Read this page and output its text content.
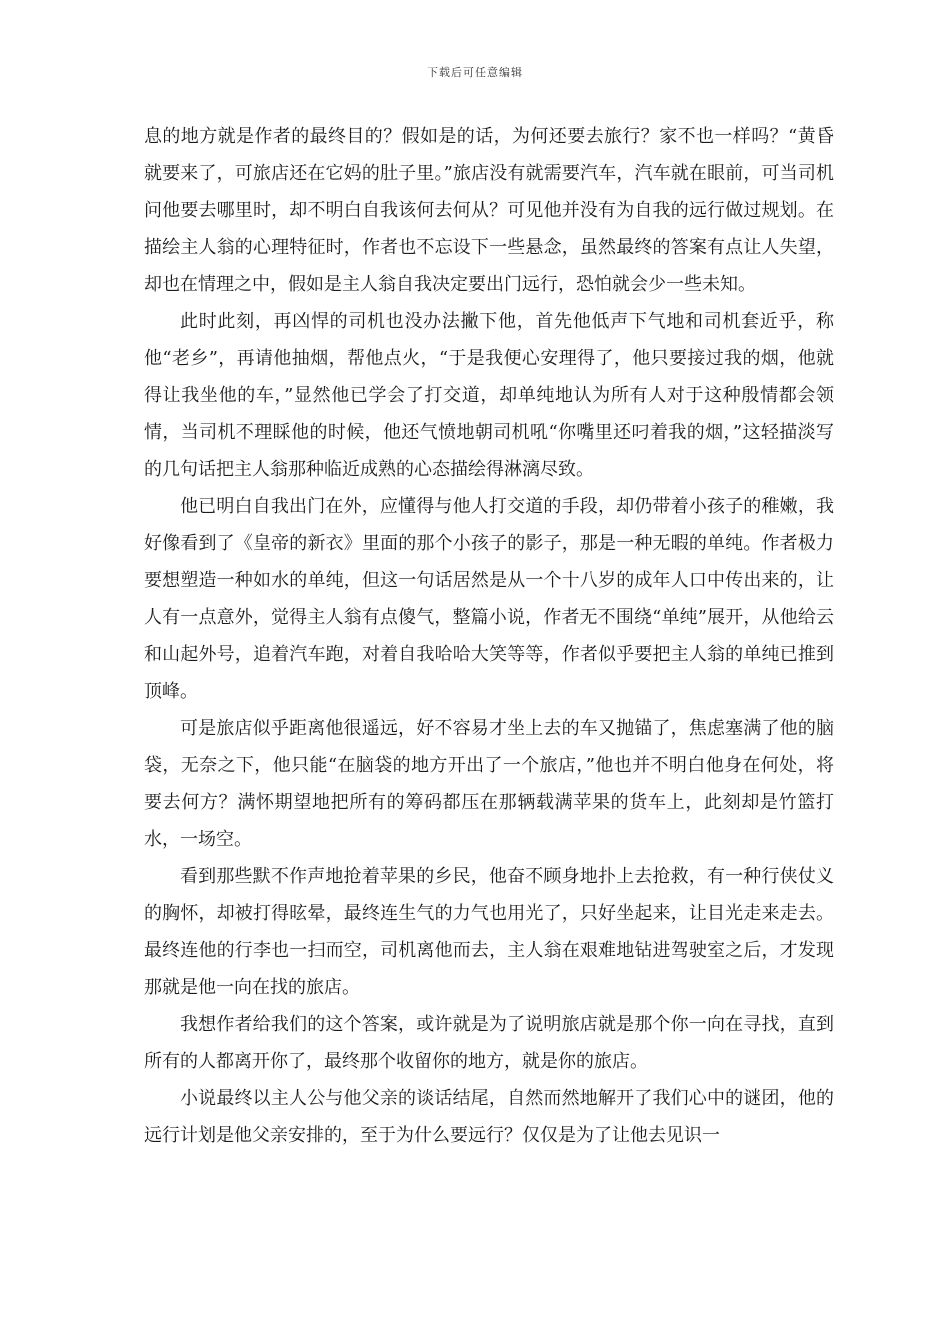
下载后可任意编辑

息的地方就是作者的最终目的？假如是的话，为何还要去旅行？家不也一样吗？“黄昏就要来了，可旅店还在它妈的肚子里。”旅店没有就需要汽车，汽车就在眼前，可当司机问他要去哪里时，却不明白自我该何去何从？可见他并没有为自我的远行做过规划。在描绘主人翁的心理特征时，作者也不忘设下一些悬念，虽然最终的答案有点让人失望，却也在情理之中，假如是主人翁自我决定要出门远行，恐怕就会少一些未知。

此时此刻，再凶悍的司机也没办法撇下他，首先他低声下气地和司机套近乎，称他“老乡”，再请他抽烟，帮他点火，“于是我便心安理得了，他只要接过我的烟，他就得让我坐他的车，”显然他已学会了打交道，却单纯地认为所有人对于这种殷情都会领情，当司机不理睬他的时候，他还气愤地朝司机吼“你嘴里还叼着我的烟，”这轻描淡写的几句话把主人翁那种临近成熟的心态描绘得淋漓尽致。

他已明白自我出门在外，应懂得与他人打交道的手段，却仍带着小孩子的稚嫩，我好像看到了《皇帝的新衣》里面的那个小孩子的影子，那是一种无暇的单纯。作者极力要想塑造一种如水的单纯，但这一句话居然是从一个十八岁的成年人口中传出来的，让人有一点意外，觉得主人翁有点傻气，整篇小说，作者无不围绕“单纯”展开，从他给云和山起外号，追着汽车跑，对着自我哈哈大笑等等，作者似乎要把主人翁的单纯已推到顶峰。

可是旅店似乎距离他很遥远，好不容易才坐上去的车又抛锚了，焦虑塞满了他的脑袋，无奈之下，他只能“在脑袋的地方开出了一个旅店，”他也并不明白他身在何处，将要去何方？满怀期望地把所有的筹码都压在那辆载满苹果的货车上，此刻却是竹篮打水，一场空。

看到那些默不作声地抢着苹果的乡民，他奋不顾身地扑上去抢救，有一种行侠仗义的胸怀，却被打得昡晕，最终连生气的力气也用光了，只好坐起来，让目光走来走去。最终连他的行李也一扫而空，司机离他而去，主人翁在艰难地钻进驾驶室之后，才发现那就是他一向在找的旅店。

我想作者给我们的这个答案，或许就是为了说明旅店就是那个你一向在寻找，直到所有的人都离开你了，最终那个收留你的地方，就是你的旅店。

小说最终以主人公与他父亲的谈话结尾，自然而然地解开了我们心中的谜团，他的远行计划是他父亲安排的，至于为什么要远行？仅仅是为了让他去见识一
